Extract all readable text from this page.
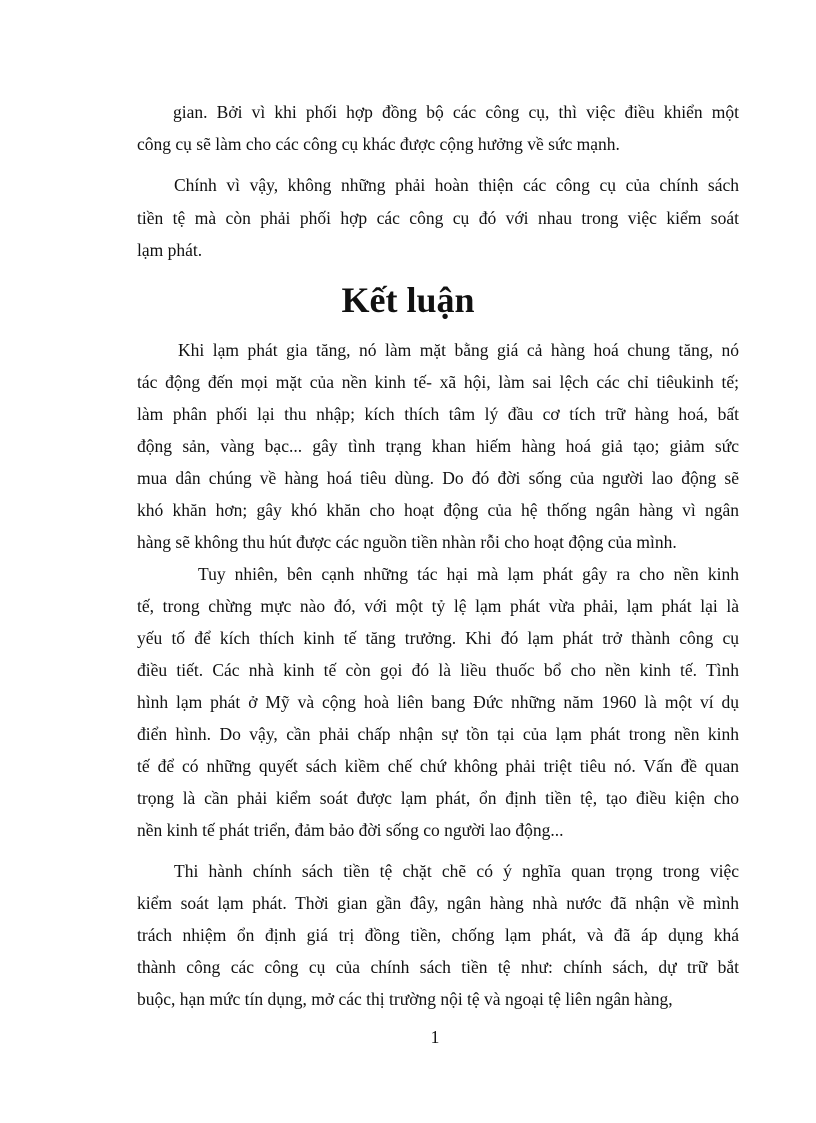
gian. Bởi vì khi phối hợp đồng bộ các công cụ, thì việc điều khiển một
công cụ sẽ làm cho các công cụ khác được cộng hưởng về sức mạnh.
Chính vì vậy, không những phải hoàn thiện các công cụ của chính sách
tiền tệ mà còn phải phối hợp các công cụ đó với nhau trong việc kiểm soát
lạm phát.
Kết luận
Khi lạm phát gia tăng, nó làm mặt bằng giá cả hàng hoá chung tăng, nó
tác động đến mọi mặt của nền kinh tế- xã hội, làm sai lệch các chỉ tiêukinh tế;
làm phân phối lại thu nhập; kích thích tâm lý đầu cơ tích trữ hàng hoá, bất
động sản, vàng bạc... gây tình trạng khan hiếm hàng hoá giả tạo; giảm sức
mua dân chúng về hàng hoá tiêu dùng. Do đó đời sống của người lao động sẽ
khó khăn hơn; gây khó khăn cho hoạt động của hệ thống ngân hàng vì ngân
hàng sẽ không thu hút được các nguồn tiền nhàn rỗi cho hoạt động của mình.
Tuy nhiên, bên cạnh những tác hại mà lạm phát gây ra cho nền kinh
tế, trong chừng mực nào đó, với một tỷ lệ lạm phát vừa phải, lạm phát lại là
yếu tố để kích thích kinh tế tăng trưởng. Khi đó lạm phát trở thành công cụ
điều tiết. Các nhà kinh tế còn gọi đó là liều thuốc bổ cho nền kinh tế. Tình
hình lạm phát ở Mỹ và cộng hoà liên bang Đức những năm 1960 là một ví dụ
điển hình. Do vậy, cần phải chấp nhận sự tồn tại của lạm phát trong nền kinh
tế để có những quyết sách kiềm chế chứ không phải triệt tiêu nó. Vấn đề quan
trọng là cần phải kiểm soát được lạm phát, ổn định tiền tệ, tạo điều kiện cho
nền kinh tế phát triển, đảm bảo đời sống co người lao động...
Thi hành chính sách tiền tệ chặt chẽ có ý nghĩa quan trọng trong việc
kiểm soát lạm phát. Thời gian gần đây, ngân hàng nhà nước đã nhận về mình
trách nhiệm ổn định giá trị đồng tiền, chống lạm phát, và đã áp dụng khá
thành công các công cụ của chính sách tiền tệ như: chính sách, dự trữ bắt
buộc, hạn mức tín dụng, mở các thị trường nội tệ và ngoại tệ liên ngân hàng,
1
